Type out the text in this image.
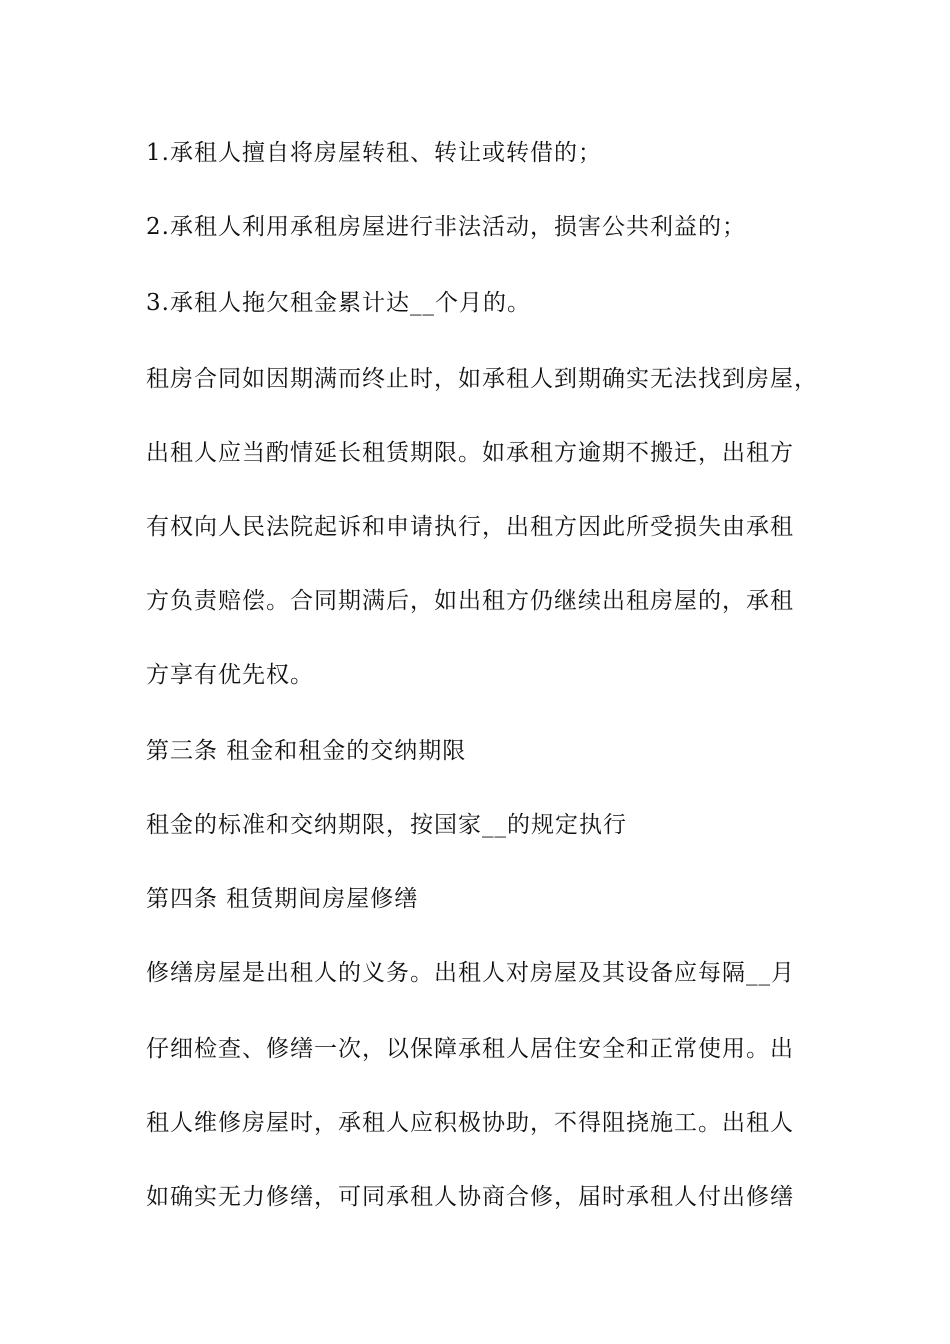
1.承租人擅自将房屋转租、转让或转借的；
2.承租人利用承租房屋进行非法活动，损害公共利益的；
3.承租人拖欠租金累计达__个月的。
租房合同如因期满而终止时，如承租人到期确实无法找到房屋，
出租人应当酌情延长租赁期限。如承租方逾期不搬迁，出租方
有权向人民法院起诉和申请执行，出租方因此所受损失由承租
方负责赔偿。合同期满后，如出租方仍继续出租房屋的，承租
方享有优先权。
第三条 租金和租金的交纳期限
租金的标准和交纳期限，按国家__的规定执行
第四条 租赁期间房屋修缮
修缮房屋是出租人的义务。出租人对房屋及其设备应每隔__月
仔细检查、修缮一次，以保障承租人居住安全和正常使用。出
租人维修房屋时，承租人应积极协助，不得阻挠施工。出租人
如确实无力修缮，可同承租人协商合修，届时承租人付出修缮
